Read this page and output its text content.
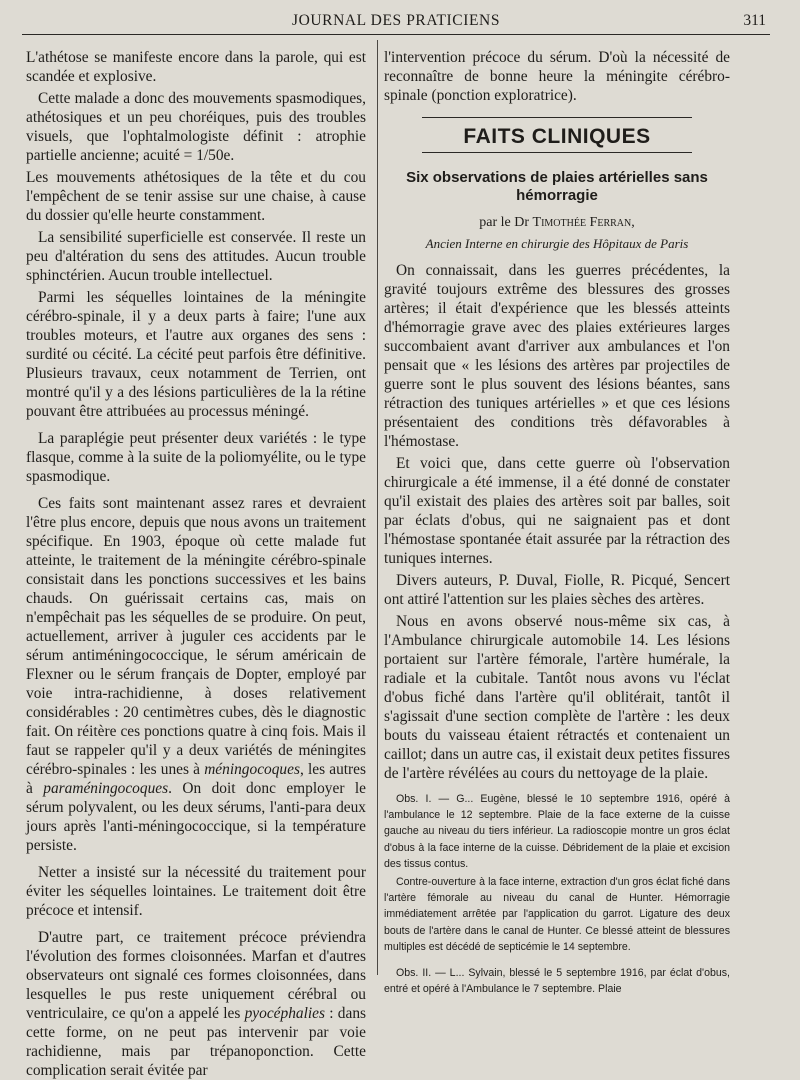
JOURNAL DES PRATICIENS	311

L'athétose se manifeste encore dans la parole, qui est scandée et explosive.

Cette malade a donc des mouvements spasmodiques, athétosiques et un peu choréiques, puis des troubles visuels, que l'ophtalmologiste définit : atrophie partielle ancienne; acuité = 1/50e.

Les mouvements athétosiques de la tête et du cou l'empêchent de se tenir assise sur une chaise, à cause du dossier qu'elle heurte constamment.

La sensibilité superficielle est conservée. Il reste un peu d'altération du sens des attitudes. Aucun trouble sphinctérien. Aucun trouble intellectuel.

Parmi les séquelles lointaines de la méningite cérébro-spinale, il y a deux parts à faire; l'une aux troubles moteurs, et l'autre aux organes des sens : surdité ou cécité. La cécité peut parfois être définitive. Plusieurs travaux, ceux notamment de Terrien, ont montré qu'il y a des lésions particulières de la la rétine pouvant être attribuées au processus méningé.

La paraplégie peut présenter deux variétés : le type flasque, comme à la suite de la poliomyélite, ou le type spasmodique.

Ces faits sont maintenant assez rares et devraient l'être plus encore, depuis que nous avons un traitement spécifique. En 1903, époque où cette malade fut atteinte, le traitement de la méningite cérébro-spinale consistait dans les ponctions successives et les bains chauds. On guérissait certains cas, mais on n'empêchait pas les séquelles de se produire. On peut, actuellement, arriver à juguler ces accidents par le sérum antiméningococcique, le sérum américain de Flexner ou le sérum français de Dopter, employé par voie intra-rachidienne, à doses relativement considérables : 20 centimètres cubes, dès le diagnostic fait. On réitère ces ponctions quatre à cinq fois. Mais il faut se rappeler qu'il y a deux variétés de méningites cérébro-spinales : les unes à méningocoques, les autres à paraméningocoques. On doit donc employer le sérum polyvalent, ou les deux sérums, l'anti-para deux jours après l'anti-méningococcique, si la température persiste.

Netter a insisté sur la nécessité du traitement pour éviter les séquelles lointaines. Le traitement doit être précoce et intensif.

D'autre part, ce traitement précoce préviendra l'évolution des formes cloisonnées. Marfan et d'autres observateurs ont signalé ces formes cloisonnées, dans lesquelles le pus reste uniquement cérébral ou ventriculaire, ce qu'on a appelé les pyocéphalies : dans cette forme, on ne peut pas intervenir par voie rachidienne, mais par trépanoponction. Cette complication serait évitée par

l'intervention précoce du sérum. D'où la nécessité de reconnaître de bonne heure la méningite cérébro-spinale (ponction exploratrice).

FAITS CLINIQUES
Six observations de plaies artérielles sans hémorragie
par le Dr Timothée Ferran,
Ancien Interne en chirurgie des Hôpitaux de Paris

On connaissait, dans les guerres précédentes, la gravité toujours extrême des blessures des grosses artères; il était d'expérience que les blessés atteints d'hémorragie grave avec des plaies extérieures larges succombaient avant d'arriver aux ambulances et l'on pensait que « les lésions des artères par projectiles de guerre sont le plus souvent des lésions béantes, sans rétraction des tuniques artérielles » et que ces lésions présentaient des conditions très défavorables à l'hémostase.

Et voici que, dans cette guerre où l'observation chirurgicale a été immense, il a été donné de constater qu'il existait des plaies des artères soit par balles, soit par éclats d'obus, qui ne saignaient pas et dont l'hémostase spontanée était assurée par la rétraction des tuniques internes.

Divers auteurs, P. Duval, Fiolle, R. Picqué, Sencert ont attiré l'attention sur les plaies sèches des artères.

Nous en avons observé nous-même six cas, à l'Ambulance chirurgicale automobile 14. Les lésions portaient sur l'artère fémorale, l'artère humérale, la radiale et la cubitale. Tantôt nous avons vu l'éclat d'obus fiché dans l'artère qu'il oblitérait, tantôt il s'agissait d'une section complète de l'artère : les deux bouts du vaisseau étaient rétractés et contenaient un caillot; dans un autre cas, il existait deux petites fissures de l'artère révélées au cours du nettoyage de la plaie.

Obs. I. — G... Eugène, blessé le 10 septembre 1916, opéré à l'ambulance le 12 septembre. Plaie de la face externe de la cuisse gauche au niveau du tiers inférieur. La radioscopie montre un gros éclat d'obus à la face interne de la cuisse. Débridement de la plaie et excision des tissus contus.

Contre-ouverture à la face interne, extraction d'un gros éclat fiché dans l'artère fémorale au niveau du canal de Hunter. Hémorragie immédiatement arrêtée par l'application du garrot. Ligature des deux bouts de l'artère dans le canal de Hunter. Ce blessé atteint de blessures multiples est décédé de septicémie le 14 septembre.

Obs. II. — L... Sylvain, blessé le 5 septembre 1916, par éclat d'obus, entré et opéré à l'Ambulance le 7 septembre. Plaie
